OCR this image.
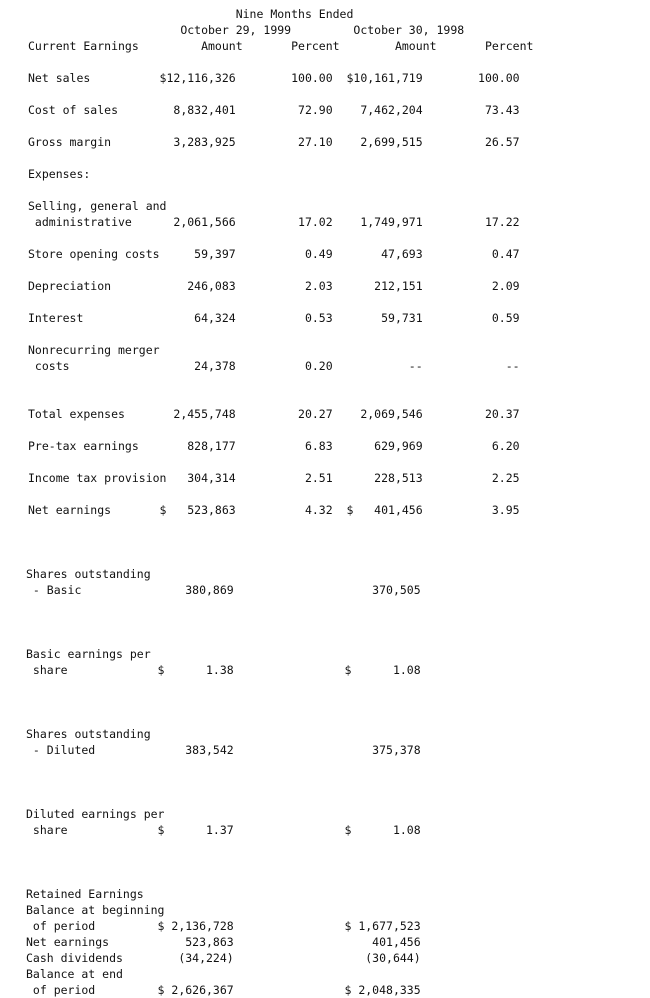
Nine Months Ended
October 29, 1999         October 30, 1998
Current Earnings         Amount       Percent        Amount       Percent
Net sales          $12,116,326        100.00  $10,161,719        100.00
Cost of sales        8,832,401         72.90    7,462,204         73.43
Gross margin         3,283,925         27.10    2,699,515         26.57
Expenses:
Selling, general and
administrative      2,061,566         17.02    1,749,971         17.22
Store opening costs     59,397          0.49       47,693          0.47
Depreciation           246,083          2.03      212,151          2.09
Interest                64,324          0.53       59,731          0.59
Nonrecurring merger
costs                  24,378          0.20           --            --
Total expenses       2,455,748         20.27    2,069,546         20.37
Pre-tax earnings       828,177          6.83      629,969          6.20
Income tax provision   304,314          2.51      228,513          2.25
Net earnings       $   523,863          4.32  $   401,456          3.95
Shares outstanding
- Basic               380,869                    370,505
Basic earnings per
share             $      1.38                $      1.08
Shares outstanding
- Diluted             383,542                    375,378
Diluted earnings per
share             $      1.37                $      1.08
Retained Earnings
Balance at beginning
of period         $ 2,136,728                $ 1,677,523
Net earnings           523,863                    401,456
Cash dividends        (34,224)                   (30,644)
Balance at end
of period         $ 2,626,367                $ 2,048,335
